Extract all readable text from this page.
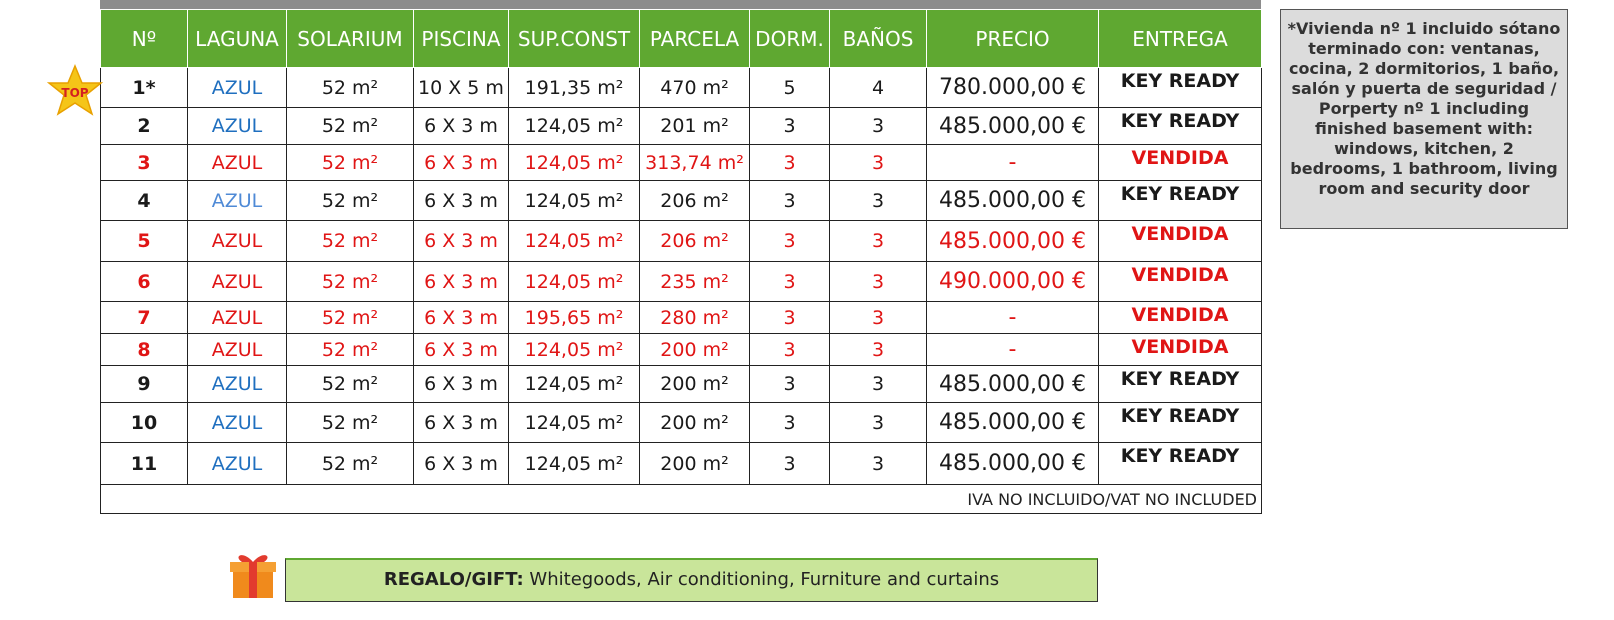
Nº	LAGUNA	SOLARIUM	PISCINA	SUP.CONST	PARCELA	DORM.	BAÑOS	PRECIO	ENTREGA
1*	AZUL	52 m²	10 X 5 m	191,35 m²	470 m²	5	4	780.000,00 €	KEY READY
2	AZUL	52 m²	6 X 3 m	124,05 m²	201 m²	3	3	485.000,00 €	KEY READY
3	AZUL	52 m²	6 X 3 m	124,05 m²	313,74 m²	3	3	-	VENDIDA
4	AZUL	52 m²	6 X 3 m	124,05 m²	206 m²	3	3	485.000,00 €	KEY READY
5	AZUL	52 m²	6 X 3 m	124,05 m²	206 m²	3	3	485.000,00 €	VENDIDA
6	AZUL	52 m²	6 X 3 m	124,05 m²	235 m²	3	3	490.000,00 €	VENDIDA
7	AZUL	52 m²	6 X 3 m	195,65 m²	280 m²	3	3	-	VENDIDA
8	AZUL	52 m²	6 X 3 m	124,05 m²	200 m²	3	3	-	VENDIDA
9	AZUL	52 m²	6 X 3 m	124,05 m²	200 m²	3	3	485.000,00 €	KEY READY
10	AZUL	52 m²	6 X 3 m	124,05 m²	200 m²	3	3	485.000,00 €	KEY READY
11	AZUL	52 m²	6 X 3 m	124,05 m²	200 m²	3	3	485.000,00 €	KEY READY
IVA NO INCLUIDO/VAT NO INCLUDED									
TOP
*Vivienda nº 1 incluido sótano terminado con: ventanas, cocina, 2 dormitorios, 1 baño, salón y puerta de seguridad / Porperty nº 1 including finished basement with: windows, kitchen, 2 bedrooms, 1 bathroom, living room and security door
REGALO/GIFT: Whitegoods, Air conditioning, Furniture and curtains
